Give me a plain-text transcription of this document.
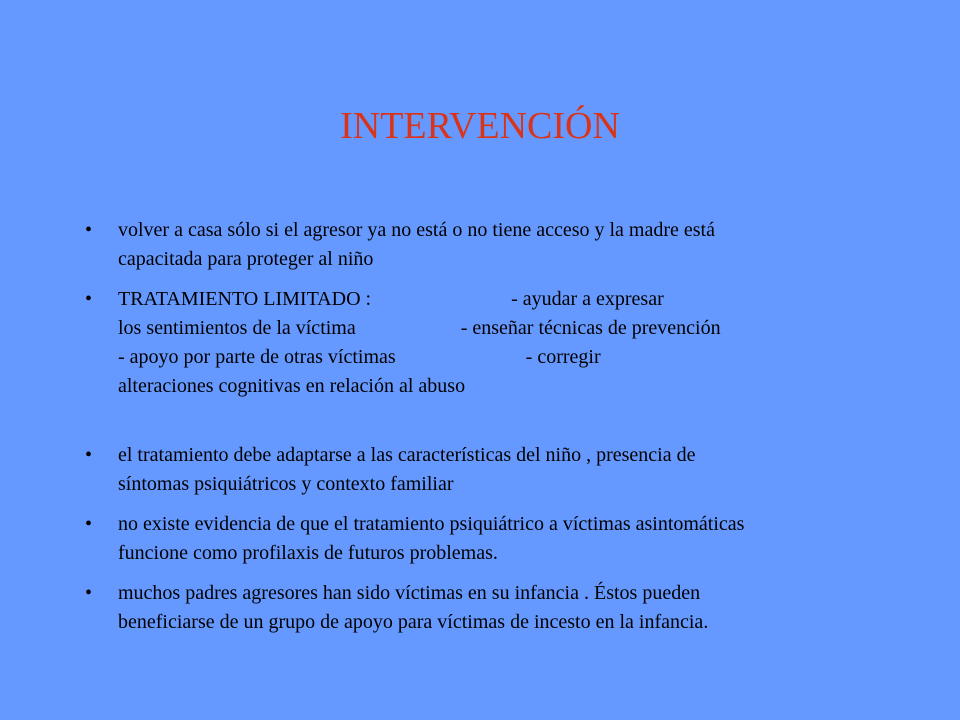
INTERVENCIÓN
• volver a casa sólo si el agresor ya no está o no tiene acceso y la madre está
capacitada para proteger al niño
• TRATAMIENTO LIMITADO :                            - ayudar a expresar
los sentimientos de la víctima                     - enseñar técnicas de prevención
- apoyo por parte de otras víctimas                          - corregir
alteraciones cognitivas en relación al abuso
• el tratamiento debe adaptarse a las características del niño , presencia de
síntomas psiquiátricos y contexto familiar
• no existe evidencia de que el tratamiento psiquiátrico a víctimas asintomáticas
funcione como profilaxis de futuros problemas.
• muchos padres agresores han sido víctimas en su infancia . Éstos pueden
beneficiarse de un grupo de apoyo para víctimas de incesto en la infancia.
